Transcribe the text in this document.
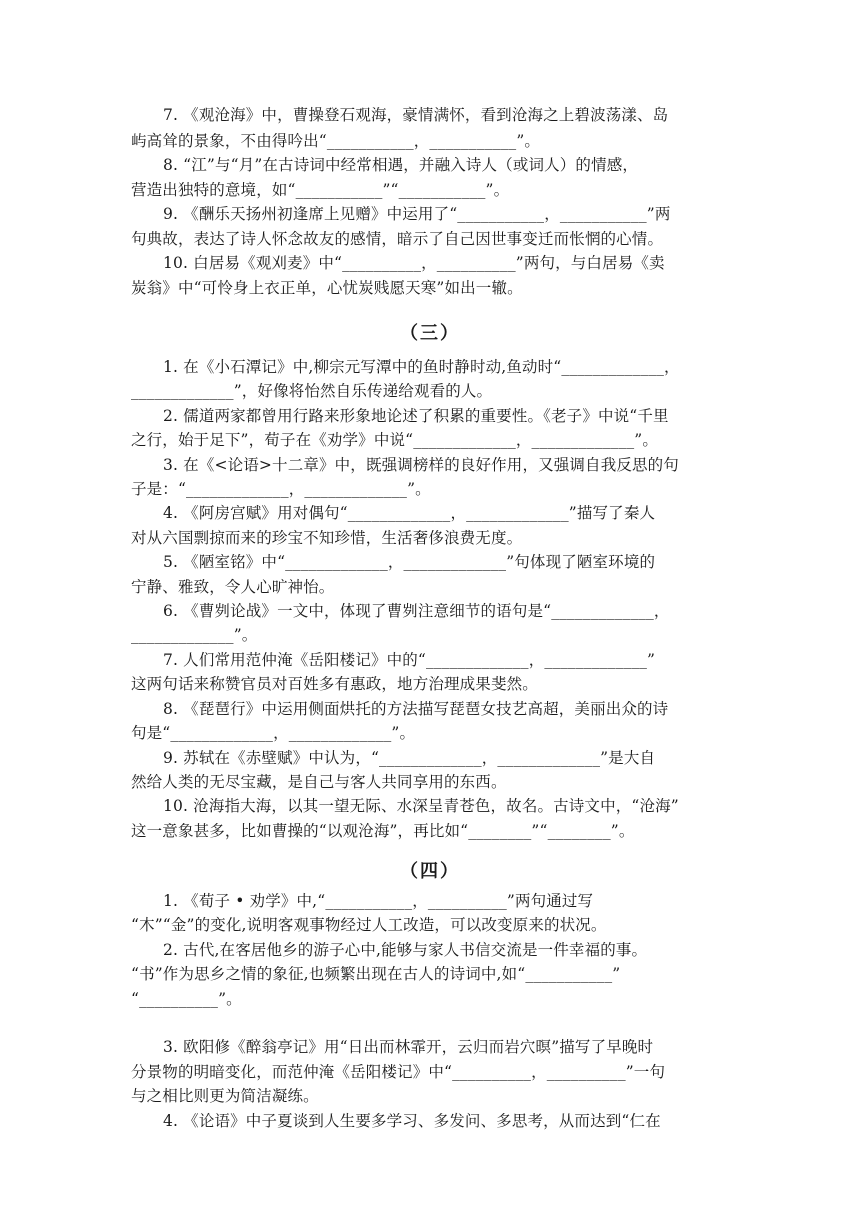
7. 《观沧海》中，曹操登石观海，豪情满怀，看到沧海之上碧波荡漾、岛
屿高耸的景象，不由得吟出“___________，___________”。
8. “江”与“月”在古诗词中经常相遇，并融入诗人（或词人）的情感，
营造出独特的意境，如“___________”“___________”。
9. 《酬乐天扬州初逢席上见赠》中运用了“___________，___________”两
句典故，表达了诗人怀念故友的感情，暗示了自己因世事变迁而怅惘的心情。
10. 白居易《观刈麦》中“__________，__________”两句，与白居易《卖
炭翁》中“可怜身上衣正单，心忧炭贱愿天寒”如出一辙。
（三）
1. 在《小石潭记》中,柳宗元写潭中的鱼时静时动,鱼动时“_____________，
_____________”，好像将怡然自乐传递给观看的人。
2. 儒道两家都曾用行路来形象地论述了积累的重要性。《老子》中说“千里
之行，始于足下”，荀子在《劝学》中说“_____________，_____________”。
3. 在《<论语>十二章》中，既强调榜样的良好作用，又强调自我反思的句
子是：“_____________，_____________”。
4. 《阿房宫赋》用对偶句“_____________，_____________”描写了秦人
对从六国剽掠而来的珍宝不知珍惜，生活奢侈浪费无度。
5. 《陋室铭》中“_____________，_____________”句体现了陋室环境的
宁静、雅致，令人心旷神怡。
6. 《曹刿论战》一文中，体现了曹刿注意细节的语句是“_____________，
_____________”。
7. 人们常用范仲淹《岳阳楼记》中的“_____________，_____________”
这两句话来称赞官员对百姓多有惠政，地方治理成果斐然。
8. 《琵琶行》中运用侧面烘托的方法描写琵琶女技艺高超，美丽出众的诗
句是“_____________，_____________”。
9. 苏轼在《赤壁赋》中认为，“_____________，_____________”是大自
然给人类的无尽宝藏，是自己与客人共同享用的东西。
10. 沧海指大海，以其一望无际、水深呈青苍色，故名。古诗文中，“沧海”
这一意象甚多，比如曹操的“以观沧海”，再比如“________”“________”。
（四）
1. 《荀子 • 劝学》中,“___________，__________”两句通过写
“木”“金”的变化,说明客观事物经过人工改造，可以改变原来的状况。
2. 古代,在客居他乡的游子心中,能够与家人书信交流是一件幸福的事。
“书”作为思乡之情的象征,也频繁出现在古人的诗词中,如“___________”
“__________”。
3. 欧阳修《醉翁亭记》用“日出而林霏开，云归而岩穴暝”描写了早晚时
分景物的明暗变化，而范仲淹《岳阳楼记》中“__________，__________”一句
与之相比则更为简洁凝练。
4. 《论语》中子夏谈到人生要多学习、多发问、多思考，从而达到“仁在
